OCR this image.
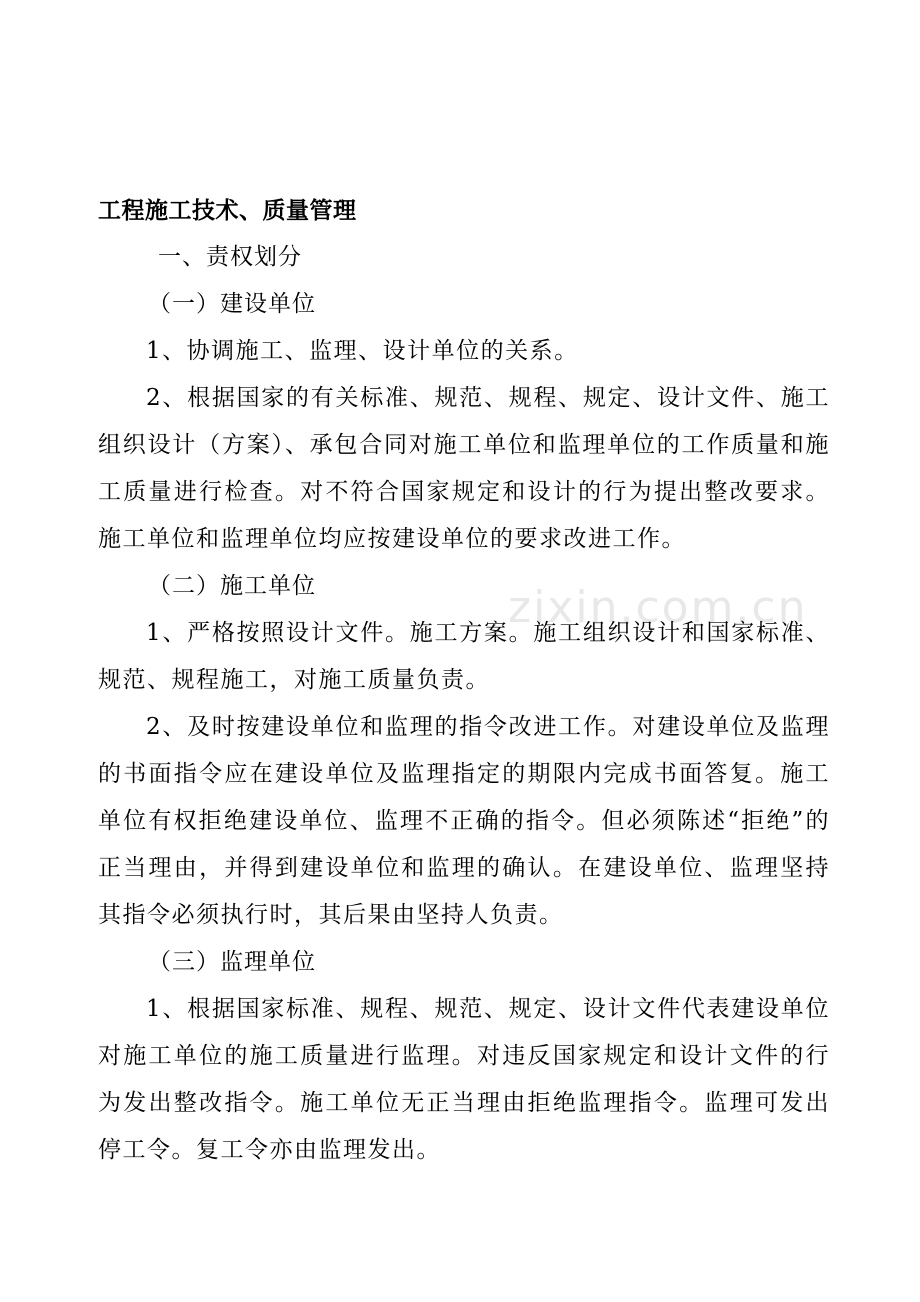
zixin.com.cn
工程施工技术、质量管理

一、责权划分

（一）建设单位

1、协调施工、监理、设计单位的关系。

2、根据国家的有关标准、规范、规程、规定、设计文件、施工组织设计（方案）、承包合同对施工单位和监理单位的工作质量和施工质量进行检查。对不符合国家规定和设计的行为提出整改要求。施工单位和监理单位均应按建设单位的要求改进工作。

（二）施工单位

1、严格按照设计文件。施工方案。施工组织设计和国家标准、规范、规程施工，对施工质量负责。

2、及时按建设单位和监理的指令改进工作。对建设单位及监理的书面指令应在建设单位及监理指定的期限内完成书面答复。施工单位有权拒绝建设单位、监理不正确的指令。但必须陈述“拒绝”的正当理由，并得到建设单位和监理的确认。在建设单位、监理坚持其指令必须执行时，其后果由坚持人负责。

（三）监理单位

1、根据国家标准、规程、规范、规定、设计文件代表建设单位对施工单位的施工质量进行监理。对违反国家规定和设计文件的行为发出整改指令。施工单位无正当理由拒绝监理指令。监理可发出停工令。复工令亦由监理发出。
